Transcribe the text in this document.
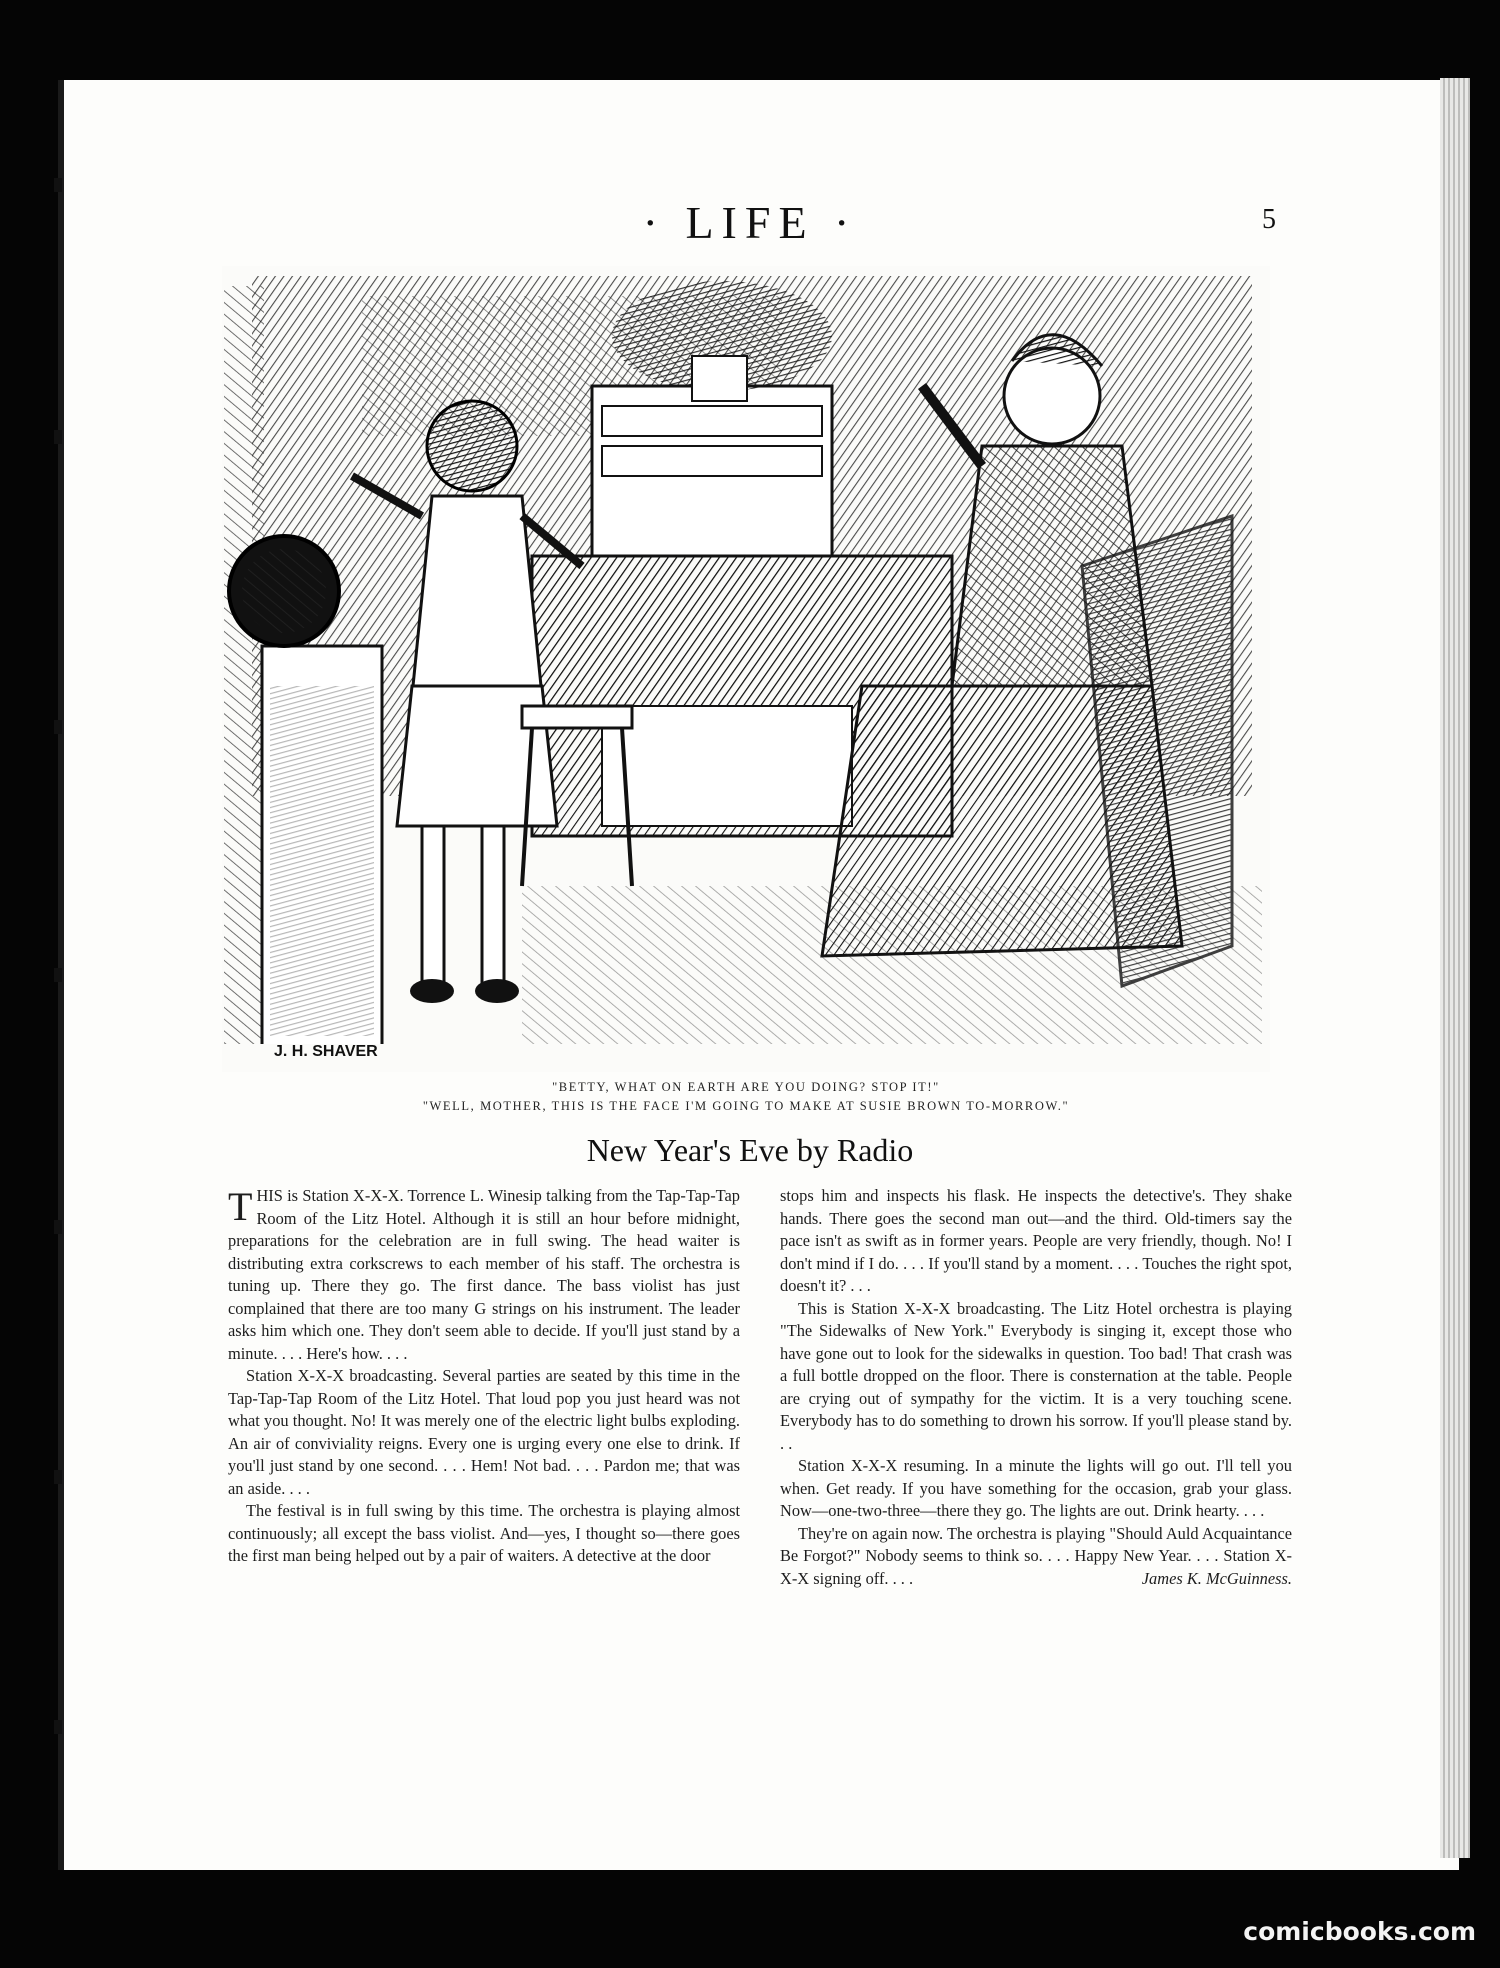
· LIFE ·	5
J. H. SHAVER
"BETTY, WHAT ON EARTH ARE YOU DOING? STOP IT!"
"WELL, MOTHER, THIS IS THE FACE I'M GOING TO MAKE AT SUSIE BROWN TO-MORROW."
New Year's Eve by Radio

THIS is Station X-X-X. Torrence L. Winesip talking from the Tap-Tap-Tap Room of the Litz Hotel. Although it is still an hour before midnight, preparations for the celebration are in full swing. The head waiter is distributing extra corkscrews to each member of his staff. The orchestra is tuning up. There they go. The first dance. The bass violist has just complained that there are too many G strings on his instrument. The leader asks him which one. They don't seem able to decide. If you'll just stand by a minute. . . . Here's how. . . .

Station X-X-X broadcasting. Several parties are seated by this time in the Tap-Tap-Tap Room of the Litz Hotel. That loud pop you just heard was not what you thought. No! It was merely one of the electric light bulbs exploding. An air of conviviality reigns. Every one is urging every one else to drink. If you'll just stand by one second. . . . Hem! Not bad. . . . Pardon me; that was an aside. . . .

The festival is in full swing by this time. The orchestra is playing almost continuously; all except the bass violist. And—yes, I thought so—there goes the first man being helped out by a pair of waiters. A detective at the door

stops him and inspects his flask. He inspects the detective's. They shake hands. There goes the second man out—and the third. Old-timers say the pace isn't as swift as in former years. People are very friendly, though. No! I don't mind if I do. . . . If you'll stand by a moment. . . . Touches the right spot, doesn't it? . . .

This is Station X-X-X broadcasting. The Litz Hotel orchestra is playing "The Sidewalks of New York." Everybody is singing it, except those who have gone out to look for the sidewalks in question. Too bad! That crash was a full bottle dropped on the floor. There is consternation at the table. People are crying out of sympathy for the victim. It is a very touching scene. Everybody has to do something to drown his sorrow. If you'll please stand by. . .

Station X-X-X resuming. In a minute the lights will go out. I'll tell you when. Get ready. If you have something for the occasion, grab your glass. Now—one-two-three—there they go. The lights are out. Drink hearty. . . .

They're on again now. The orchestra is playing "Should Auld Acquaintance Be Forgot?" Nobody seems to think so. . . . Happy New Year. . . . Station X-X-X signing off. . . .	James K. McGuinness.

comicbooks.com
